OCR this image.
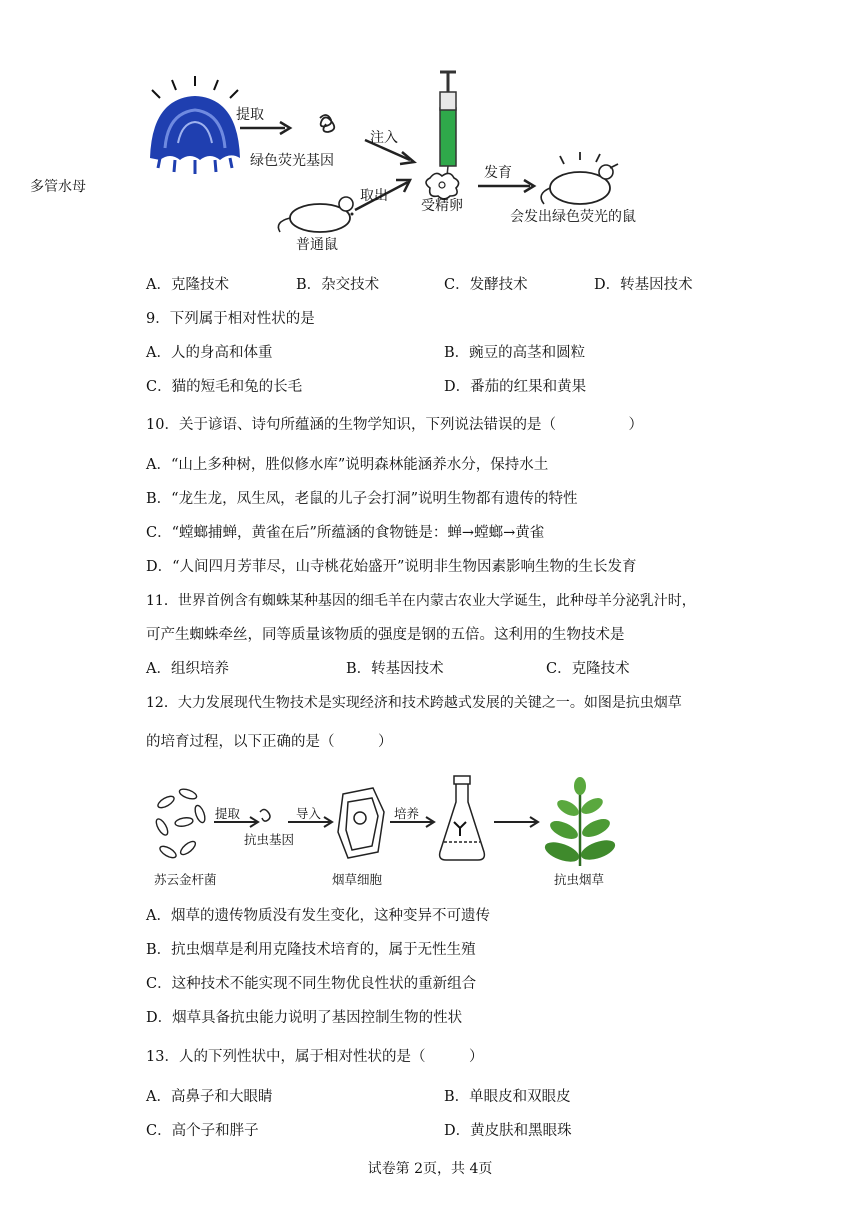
多管水母
提取
绿色荧光基因
注入
取出
普通鼠
受精卵
发育
会发出绿色荧光的鼠
A．克隆技术	B．杂交技术	C．发酵技术	D．转基因技术
9．下列属于相对性状的是
A．人的身高和体重	B．豌豆的高茎和圆粒
C．猫的短毛和兔的长毛	D．番茄的红果和黄果
10．关于谚语、诗句所蕴涵的生物学知识，下列说法错误的是（　　　　　）
A．“山上多种树，胜似修水库”说明森林能涵养水分，保持水土
B．“龙生龙，凤生凤，老鼠的儿子会打洞”说明生物都有遗传的特性
C．“螳螂捕蝉，黄雀在后”所蕴涵的食物链是：蝉→螳螂→黄雀
D．“人间四月芳菲尽，山寺桃花始盛开”说明非生物因素影响生物的生长发育
11．世界首例含有蜘蛛某种基因的细毛羊在内蒙古农业大学诞生，此种母羊分泌乳汁时，
可产生蜘蛛牵丝，同等质量该物质的强度是钢的五倍。这利用的生物技术是
A．组织培养	B．转基因技术	C．克隆技术
12．大力发展现代生物技术是实现经济和技术跨越式发展的关键之一。如图是抗虫烟草
的培育过程，以下正确的是（　　　）
苏云金杆菌
提取
抗虫基因
导入
烟草细胞
培养
抗虫烟草
A．烟草的遗传物质没有发生变化，这种变异不可遗传
B．抗虫烟草是利用克隆技术培育的，属于无性生殖
C．这种技术不能实现不同生物优良性状的重新组合
D．烟草具备抗虫能力说明了基因控制生物的性状
13．人的下列性状中，属于相对性状的是（　　　）
A．高鼻子和大眼睛	B．单眼皮和双眼皮
C．高个子和胖子	D．黄皮肤和黑眼珠
试卷第 2页，共 4页
